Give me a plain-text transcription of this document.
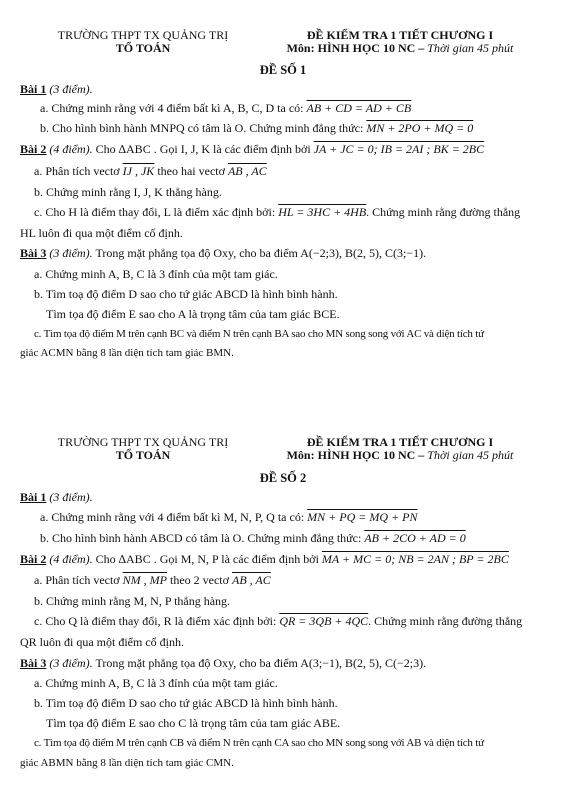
TRƯỜNG THPT TX QUẢNG TRỊ
TỔ TOÁN
ĐỀ KIỂM TRA 1 TIẾT CHƯƠNG I
Môn: HÌNH HỌC 10 NC – Thời gian 45 phút
ĐỀ SỐ 1
Bài 1 (3 điểm).
a. Chứng minh rằng với 4 điểm bất kì A, B, C, D ta có: AB + CD = AD + CB
b. Cho hình bình hành MNPQ có tâm là O. Chứng minh đẳng thức: MN + 2PO + MQ = 0
Bài 2 (4 điểm). Cho ∆ABC . Gọi I, J, K là các điểm định bởi JA + JC = 0; IB = 2AI ; BK = 2BC
a. Phân tích vectơ IJ , JK theo hai vectơ AB , AC
b. Chứng minh rằng I, J, K thẳng hàng.
c. Cho H là điểm thay đổi, L là điểm xác định bởi: HL = 3HC + 4HB. Chứng minh rằng đường thẳng
HL luôn đi qua một điểm cố định.
Bài 3 (3 điểm). Trong mặt phẳng tọa độ Oxy, cho ba điểm A(−2;3), B(2, 5), C(3;−1).
a. Chứng minh A, B, C là 3 đỉnh của một tam giác.
b. Tìm toạ độ điểm D sao cho tứ giác ABCD là hình bình hành.
Tìm tọa độ điểm E sao cho A là trọng tâm của tam giác BCE.
c. Tìm tọa độ điểm M trên cạnh BC và điểm N trên cạnh BA sao cho MN song song với AC và diện tích tứ
giác ACMN bằng 8 lần diện tích tam giác BMN.
TRƯỜNG THPT TX QUẢNG TRỊ
TỔ TOÁN
ĐỀ KIỂM TRA 1 TIẾT CHƯƠNG I
Môn: HÌNH HỌC 10 NC – Thời gian 45 phút
ĐỀ SỐ 2
Bài 1 (3 điểm).
a. Chứng minh rằng với 4 điểm bất kì M, N, P, Q ta có: MN + PQ = MQ + PN
b. Cho hình bình hành ABCD có tâm là O. Chứng minh đẳng thức: AB + 2CO + AD = 0
Bài 2 (4 điểm). Cho ∆ABC . Gọi M, N, P là các điểm định bởi MA + MC = 0; NB = 2AN ; BP = 2BC
a. Phân tích vectơ NM , MP theo 2 vectơ AB , AC
b. Chứng minh rằng M, N, P thẳng hàng.
c. Cho Q là điểm thay đổi, R là điểm xác định bởi: QR = 3QB + 4QC. Chứng minh rằng đường thẳng
QR luôn đi qua một điểm cố định.
Bài 3 (3 điểm). Trong mặt phẳng tọa độ Oxy, cho ba điểm A(3;−1), B(2, 5), C(−2;3).
a. Chứng minh A, B, C là 3 đỉnh của một tam giác.
b. Tìm toạ độ điểm D sao cho tứ giác ABCD là hình bình hành.
Tìm tọa độ điểm E sao cho C là trọng tâm của tam giác ABE.
c. Tìm tọa độ điểm M trên cạnh CB và điểm N trên cạnh CA sao cho MN song song với AB và diện tích tứ
giác ABMN bằng 8 lần diện tích tam giác CMN.
